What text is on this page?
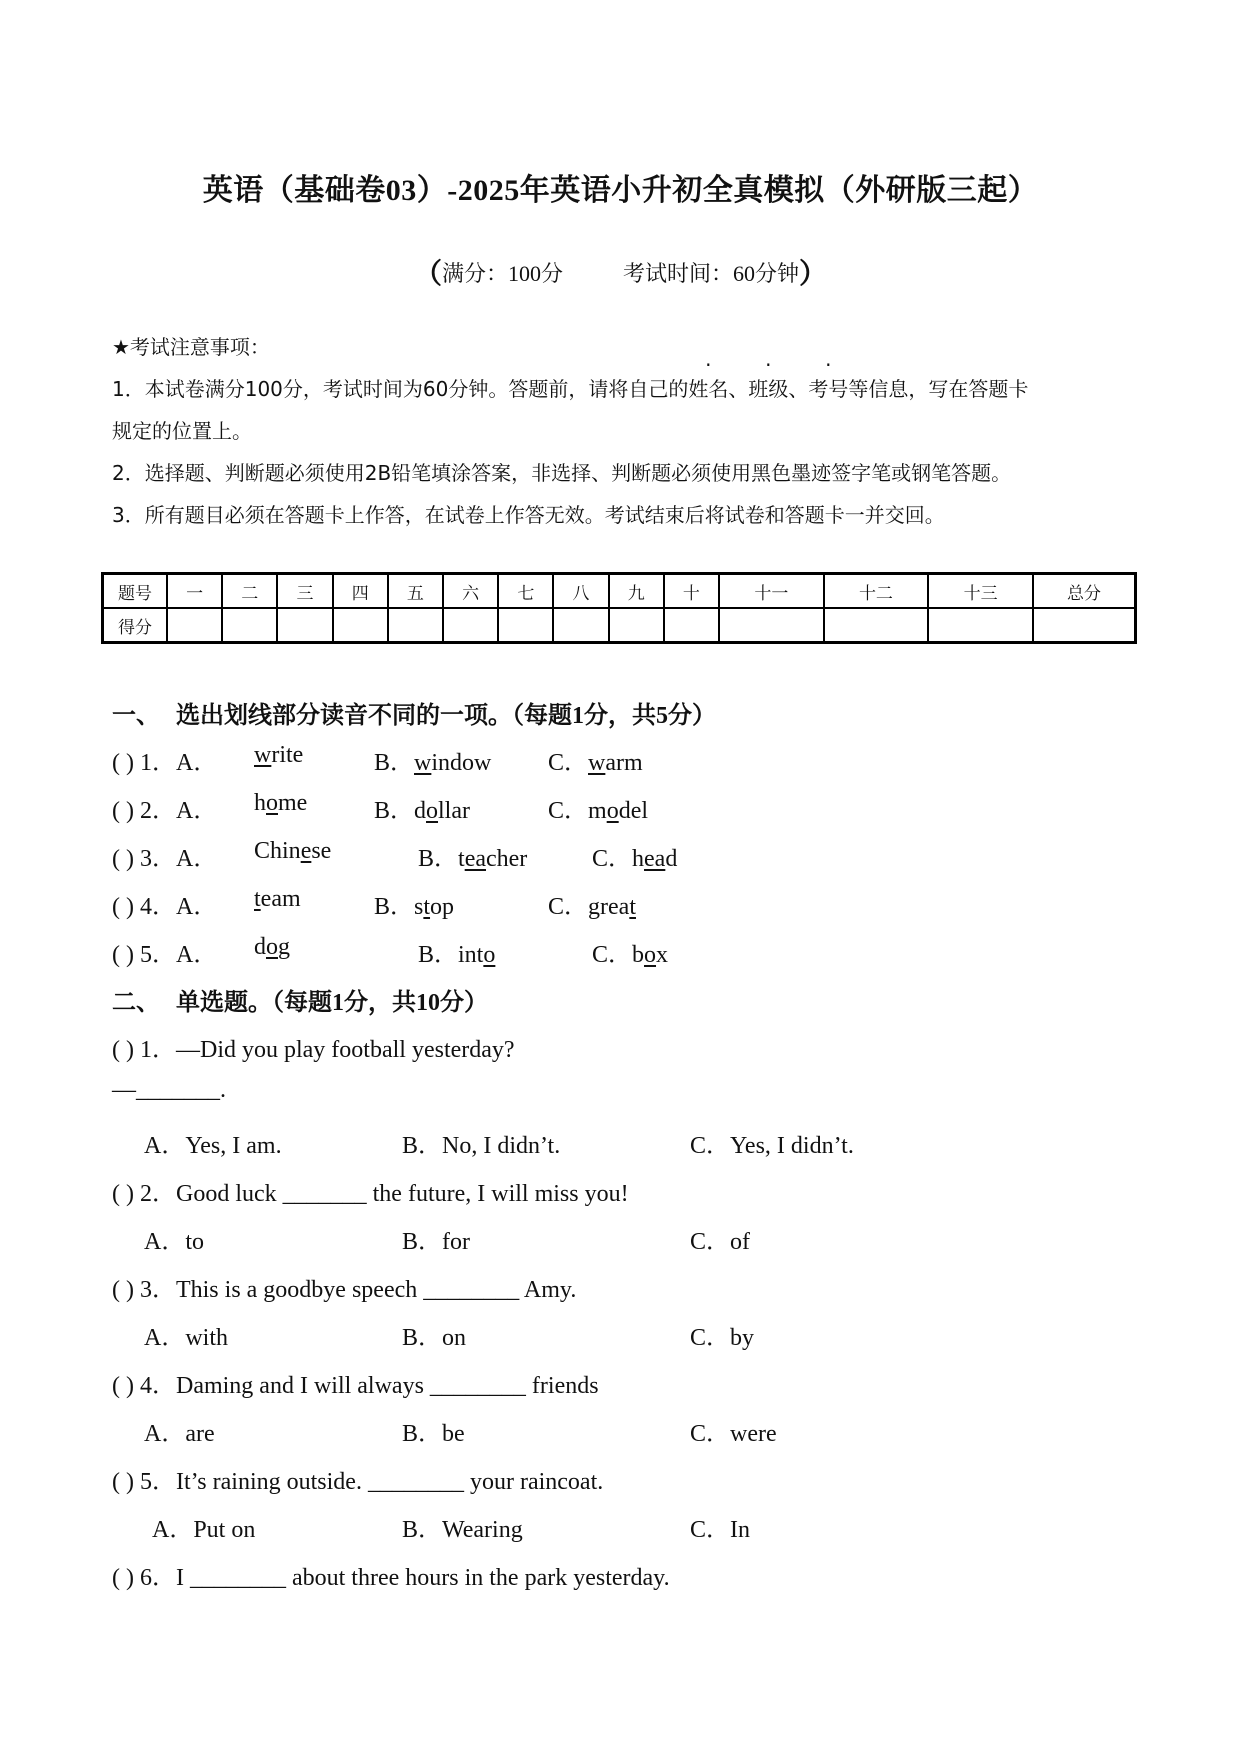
英语（基础卷03）-2025年英语小升初全真模拟（外研版三起）
（满分：100分	考试时间：60分钟）

★考试注意事项：

1．本试卷满分100分，考试时间为60分钟。答题前，请将自己的姓名、班级、考号等信息，写在答题卡

规定的位置上。

2．选择题、判断题必须使用2B铅笔填涂答案，非选择、判断题必须使用黑色墨迹签字笔或钢笔答题。

3．所有题目必须在答题卡上作答，在试卷上作答无效。考试结束后将试卷和答题卡一并交回。

题号	一	二	三	四	五	六	七	八	九	十	十一	十二	十三	总分
得分														
一、 选出划线部分读音不同的一项。（每题1分，共5分）
( ) 1．A． write	B．window C．warm
( ) 2．A． home	B．dollar	C．model
( ) 3．A． Chinese	B．teacher	C．head
( ) 4．A． team	B．stop	C．great
( ) 5．A． dog	B．into	C．box
二、 单选题。（每题1分，共10分）
( ) 1．—Did you play football yesterday?
—_______.
A．Yes, I am.	B．No, I didn’t.	C．Yes, I didn’t.
( ) 2．Good luck _______ the future, I will miss you!
A．to	B．for	C．of
( ) 3．This is a goodbye speech ________ Amy.
A．with	B．on	C．by
( ) 4．Daming and I will always ________ friends
A．are	B．be	C．were
( ) 5．It’s raining outside. ________ your raincoat.
A．Put on	B．Wearing	C．In
( ) 6．I ________ about three hours in the park yesterday.
